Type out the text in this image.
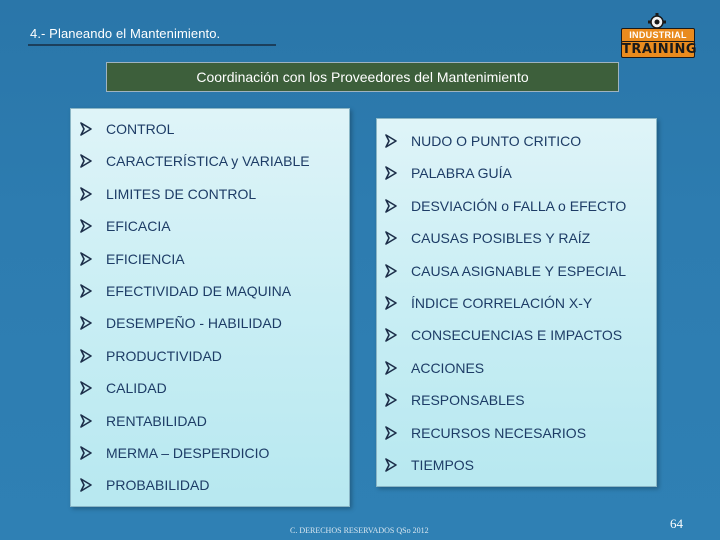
4.- Planeando el Mantenimiento.	INDUSTRIAL
TRAINING
Coordinación con los Proveedores del Mantenimiento
CONTROL
CARACTERÍSTICA y VARIABLE
LIMITES DE CONTROL
EFICACIA
EFICIENCIA
EFECTIVIDAD DE MAQUINA
DESEMPEÑO - HABILIDAD
PRODUCTIVIDAD
CALIDAD
RENTABILIDAD
MERMA – DESPERDICIO
PROBABILIDAD
NUDO O PUNTO CRITICO
PALABRA GUÍA
DESVIACIÓN o FALLA o EFECTO
CAUSAS POSIBLES Y RAÍZ
CAUSA ASIGNABLE Y ESPECIAL
ÍNDICE CORRELACIÓN X-Y
CONSECUENCIAS E IMPACTOS
ACCIONES
RESPONSABLES
RECURSOS NECESARIOS
TIEMPOS
C. DERECHOS RESERVADOS QSo 2012	64
